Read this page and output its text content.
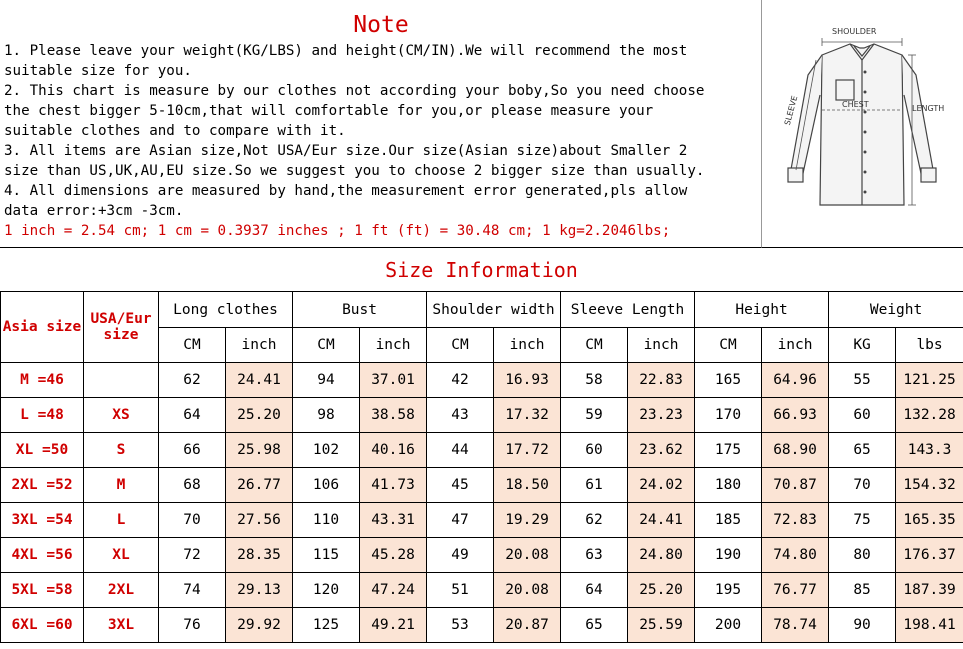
Note
1. Please leave your weight(KG/LBS) and height(CM/IN).We will recommend the most
suitable size for you.
2. This chart is measure by our clothes not according your boby,So you need choose
the chest bigger 5-10cm,that will comfortable for you,or please measure your
suitable clothes and to compare with it.
3. All items are Asian size,Not USA/Eur size.Our size(Asian size)about Smaller 2
size than US,UK,AU,EU size.So we suggest you to choose 2 bigger size than usually.
4. All dimensions are measured by hand,the measurement error generated,pls allow
data error:+3cm -3cm.
1 inch = 2.54 cm; 1 cm = 0.3937 inches ; 1 ft (ft) = 30.48 cm; 1 kg=2.2046lbs;
SHOULDER
CHEST
SLEEVE	LENGTH
Size Information
Asia size	USA/Eur size	Long clothes		Bust		Shoulder width		Sleeve Length		Height		Weight	
		CM	inch	CM	inch	CM	inch	CM	inch	CM	inch	KG	lbs
M =46		62	24.41	94	37.01	42	16.93	58	22.83	165	64.96	55	121.25
L =48	XS	64	25.20	98	38.58	43	17.32	59	23.23	170	66.93	60	132.28
XL =50	S	66	25.98	102	40.16	44	17.72	60	23.62	175	68.90	65	143.3
2XL =52	M	68	26.77	106	41.73	45	18.50	61	24.02	180	70.87	70	154.32
3XL =54	L	70	27.56	110	43.31	47	19.29	62	24.41	185	72.83	75	165.35
4XL =56	XL	72	28.35	115	45.28	49	20.08	63	24.80	190	74.80	80	176.37
5XL =58	2XL	74	29.13	120	47.24	51	20.08	64	25.20	195	76.77	85	187.39
6XL =60	3XL	76	29.92	125	49.21	53	20.87	65	25.59	200	78.74	90	198.41
